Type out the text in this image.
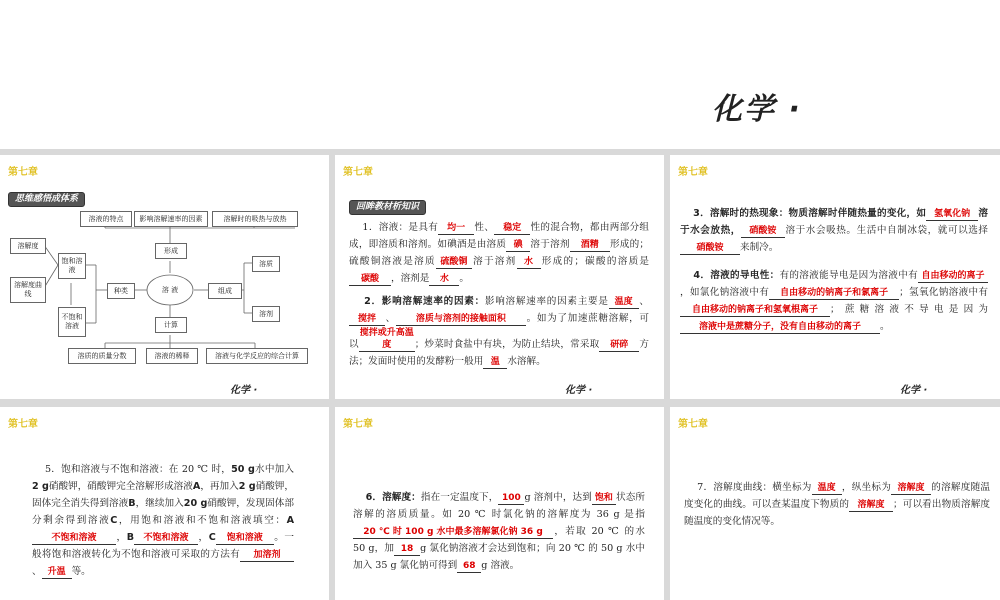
化学 ·
第七章
思维感悟成体系
溶液的特点	影响溶解速率的因素	溶解时的吸热与放热
溶解度
溶解度曲线
饱和溶液
不饱和溶液
种类	溶 液
形成
计算
组成
溶质
溶剂
溶质的质量分数	溶液的稀释	溶液与化学反应的综合计算
化学 ·
第七章
回眸教材析知识
1．溶液：是具有 均一 性、 稳定 性的混合物，都由两部分组成，即溶质和溶剂。如碘酒是由溶质 碘 溶于溶剂 酒精 形成的；硫酸铜溶液是溶质 硫酸铜 溶于溶剂 水 形成的；碳酸的溶质是碳酸 ，溶剂是 水 。
2．影响溶解速率的因素：影响溶解速率的因素主要是 温度 、搅拌 、 溶质与溶剂的接触面积 。如为了加速蔗糖溶解，可以搅拌或升高温度 ；炒菜时食盐中有块，为防止结块，常采取 研碎 方法；发面时使用的发酵粉一般用 温 水溶解。
化学 ·
第七章
3．溶解时的热现象：物质溶解时伴随热量的变化，如 氢氧化钠 溶于水会放热， 硝酸铵 溶于水会吸热。生活中自制冰袋，就可以选择硝酸铵 来制冷。
4．溶液的导电性：有的溶液能导电是因为溶液中有 自由移动的离子，如氯化钠溶液中有 自由移动的钠离子和氯离子 ；氢氧化钠溶液中有自由移动的钠离子和氢氧根离子 ；蔗糖溶液不导电是因为溶液中是蔗糖分子，没有自由移动的离子 。
化学 ·
第七章
5．饱和溶液与不饱和溶液：在 20 ℃ 时，50 g水中加入2 g硝酸钾，硝酸钾完全溶解形成溶液A，再加入2 g硝酸钾，固体完全消失得到溶液B，继续加入20 g硝酸钾，发现固体部分剩余得到溶液C，用饱和溶液和不饱和溶液填空：A不饱和溶液 ，B 不饱和溶液 ，C 饱和溶液 。一般将饱和溶液转化为不饱和溶液可采取的方法有 加溶剂、 升温 等。
第七章
6．溶解度：指在一定温度下， 100 g 溶剂中，达到 饱和 状态所溶解的溶质质量。如 20 ℃ 时氯化钠的溶解度为 36 g 是指20 ℃ 时 100 g 水中最多溶解氯化钠 36 g ，若取 20 ℃ 的水 50 g，加 18 g 氯化钠溶液才会达到饱和；向 20 ℃ 的 50 g 水中加入 35 g 氯化钠可得到 68 g 溶液。
第七章
7．溶解度曲线：横坐标为 温度 ，纵坐标为 溶解度 的溶解度随温度变化的曲线。可以查某温度下物质的 溶解度 ；可以看出物质溶解度随温度的变化情况等。
